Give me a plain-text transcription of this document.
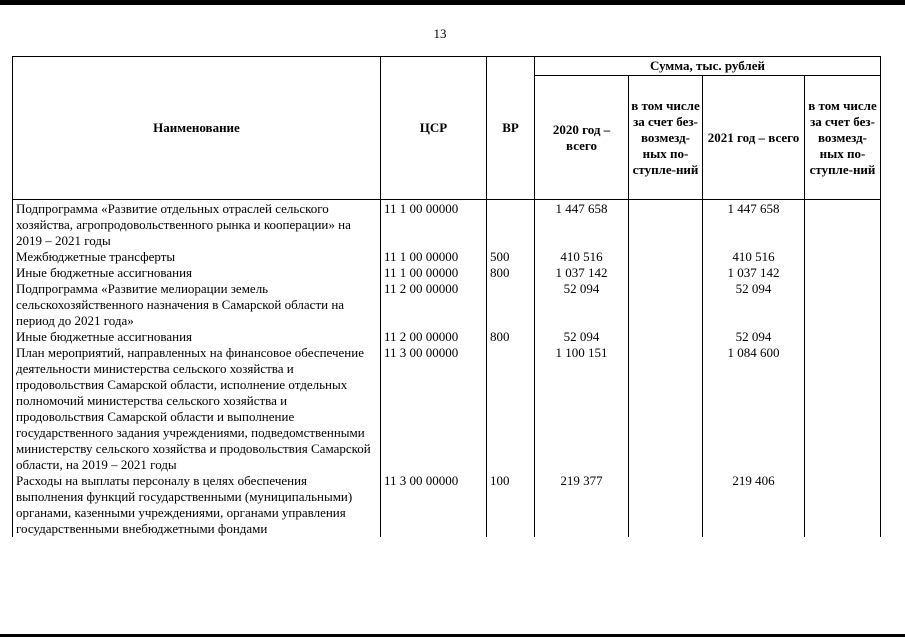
13
Наименование	ЦСР	ВР	Сумма, тыс. рублей			
			2020 год – всего	в том числе за счет без-возмезд-ных по-ступле-ний	2021 год – всего	в том числе за счет без-возмезд-ных по-ступле-ний
Подпрограмма «Развитие отдельных отраслей сельского хозяйства, агропродовольственного рынка и кооперации» на 2019 – 2021 годы	11 1 00 00000		1 447 658		1 447 658	
Межбюджетные трансферты	11 1 00 00000	500	410 516		410 516	
Иные бюджетные ассигнования	11 1 00 00000	800	1 037 142		1 037 142	
Подпрограмма «Развитие мелиорации земель сельскохозяйственного назначения в Самарской области на период до 2021 года»	11 2 00 00000		52 094		52 094	
Иные бюджетные ассигнования	11 2 00 00000	800	52 094		52 094	
План мероприятий, направленных на финансовое обеспечение деятельности министерства сельского хозяйства и продовольствия Самарской области, исполнение отдельных полномочий министерства сельского хозяйства и продовольствия Самарской области и выполнение государственного задания учреждениями, подведомственными министерству сельского хозяйства и продовольствия Самарской области, на 2019 – 2021 годы	11 3 00 00000		1 100 151		1 084 600	
Расходы на выплаты персоналу в целях обеспечения выполнения функций государственными (муниципальными) органами, казенными учреждениями, органами управления государственными внебюджетными фондами	11 3 00 00000	100	219 377		219 406	
